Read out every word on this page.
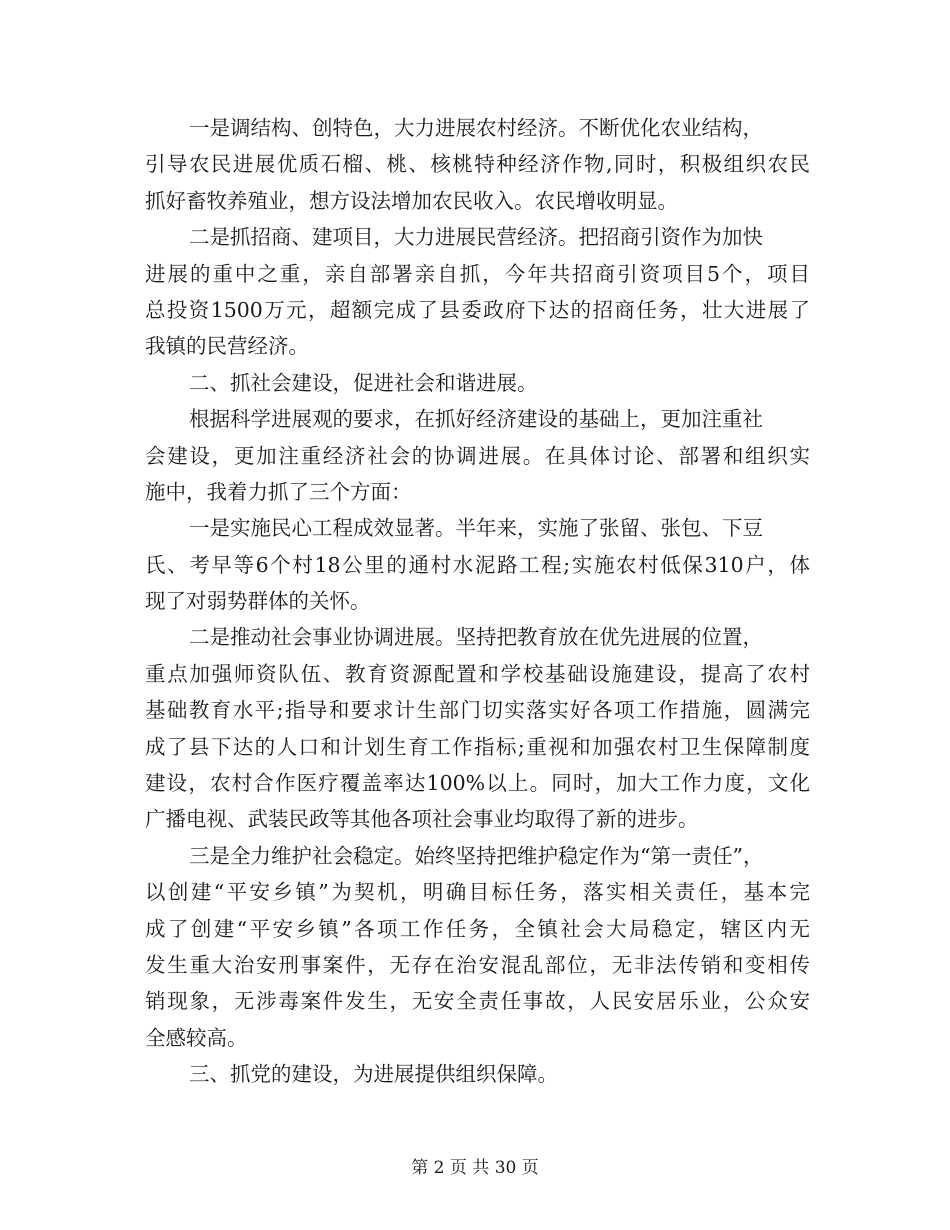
一是调结构、创特色，大力进展农村经济。不断优化农业结构，
引导农民进展优质石榴、桃、核桃特种经济作物,同时，积极组织农民
抓好畜牧养殖业，想方设法增加农民收入。农民增收明显。
二是抓招商、建项目，大力进展民营经济。把招商引资作为加快
进展的重中之重，亲自部署亲自抓，今年共招商引资项目5个，项目
总投资1500万元，超额完成了县委政府下达的招商任务，壮大进展了
我镇的民营经济。
二、抓社会建设，促进社会和谐进展。
根据科学进展观的要求，在抓好经济建设的基础上，更加注重社
会建设，更加注重经济社会的协调进展。在具体讨论、部署和组织实
施中，我着力抓了三个方面：
一是实施民心工程成效显著。半年来，实施了张留、张包、下豆
氏、考早等6个村18公里的通村水泥路工程;实施农村低保310户，体
现了对弱势群体的关怀。
二是推动社会事业协调进展。坚持把教育放在优先进展的位置，
重点加强师资队伍、教育资源配置和学校基础设施建设，提高了农村
基础教育水平;指导和要求计生部门切实落实好各项工作措施，圆满完
成了县下达的人口和计划生育工作指标;重视和加强农村卫生保障制度
建设，农村合作医疗覆盖率达100%以上。同时，加大工作力度，文化
广播电视、武装民政等其他各项社会事业均取得了新的进步。
三是全力维护社会稳定。始终坚持把维护稳定作为“第一责任”，
以创建“平安乡镇”为契机，明确目标任务，落实相关责任，基本完
成了创建“平安乡镇”各项工作任务，全镇社会大局稳定，辖区内无
发生重大治安刑事案件，无存在治安混乱部位，无非法传销和变相传
销现象，无涉毒案件发生，无安全责任事故，人民安居乐业，公众安
全感较高。
三、抓党的建设，为进展提供组织保障。
第 2 页 共 30 页
